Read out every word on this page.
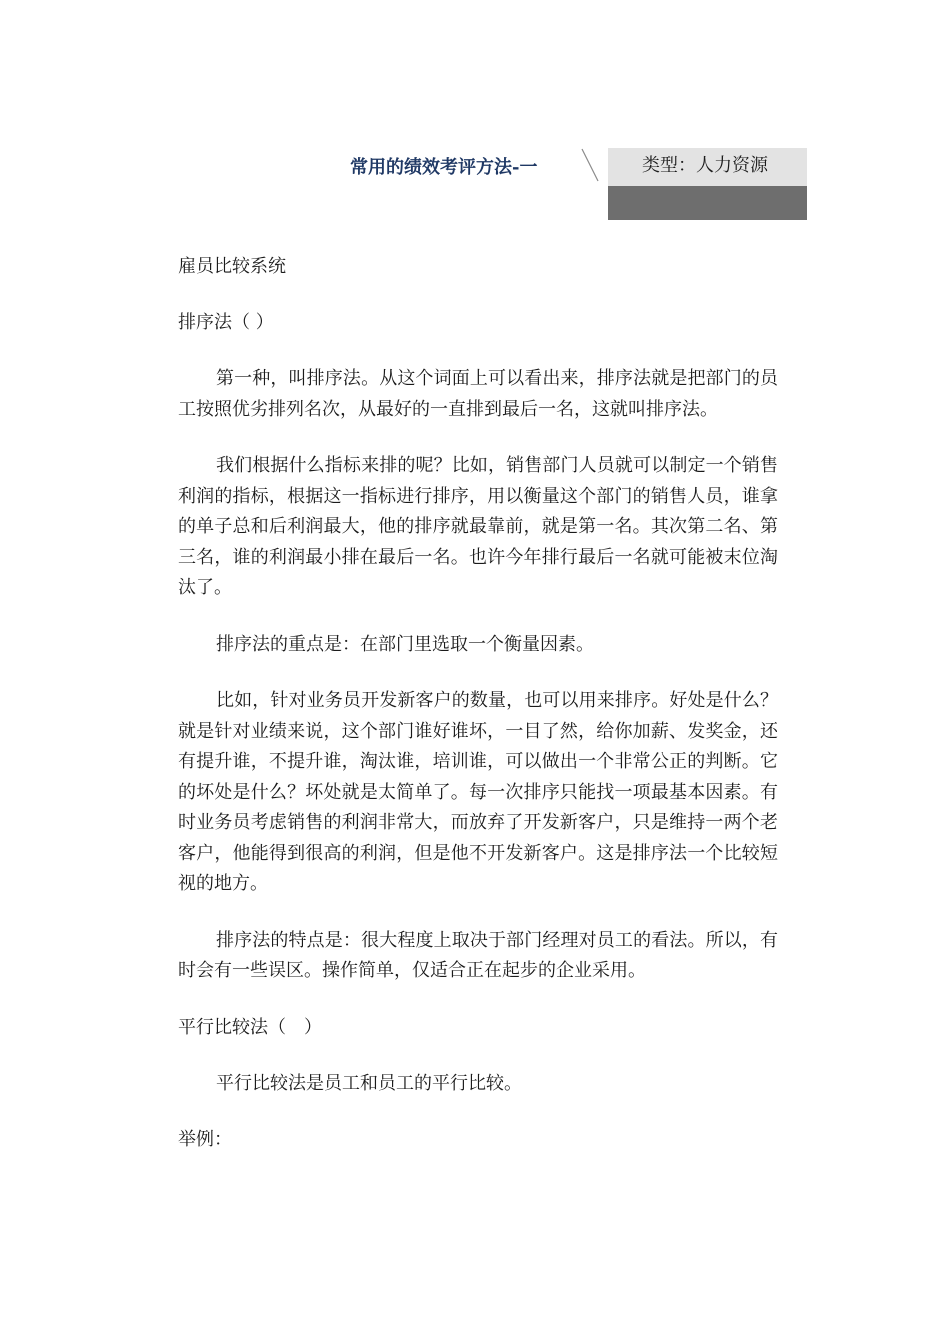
常用的绩效考评方法-一	类型：人力资源
雇员比较系统
排序法（ ）

第一种，叫排序法。从这个词面上可以看出来，排序法就是把部门的员工按照优劣排列名次，从最好的一直排到最后一名，这就叫排序法。

我们根据什么指标来排的呢？比如，销售部门人员就可以制定一个销售利润的指标，根据这一指标进行排序，用以衡量这个部门的销售人员，谁拿的单子总和后利润最大，他的排序就最靠前，就是第一名。其次第二名、第三名，谁的利润最小排在最后一名。也许今年排行最后一名就可能被末位淘汰了。

排序法的重点是：在部门里选取一个衡量因素。

比如，针对业务员开发新客户的数量，也可以用来排序。好处是什么？就是针对业绩来说，这个部门谁好谁坏，一目了然，给你加薪、发奖金，还有提升谁，不提升谁，淘汰谁，培训谁，可以做出一个非常公正的判断。它的坏处是什么？坏处就是太简单了。每一次排序只能找一项最基本因素。有时业务员考虑销售的利润非常大，而放弃了开发新客户，只是维持一两个老客户，他能得到很高的利润，但是他不开发新客户。这是排序法一个比较短视的地方。

排序法的特点是：很大程度上取决于部门经理对员工的看法。所以，有时会有一些误区。操作简单，仅适合正在起步的企业采用。

平行比较法（　）

平行比较法是员工和员工的平行比较。

举例：
